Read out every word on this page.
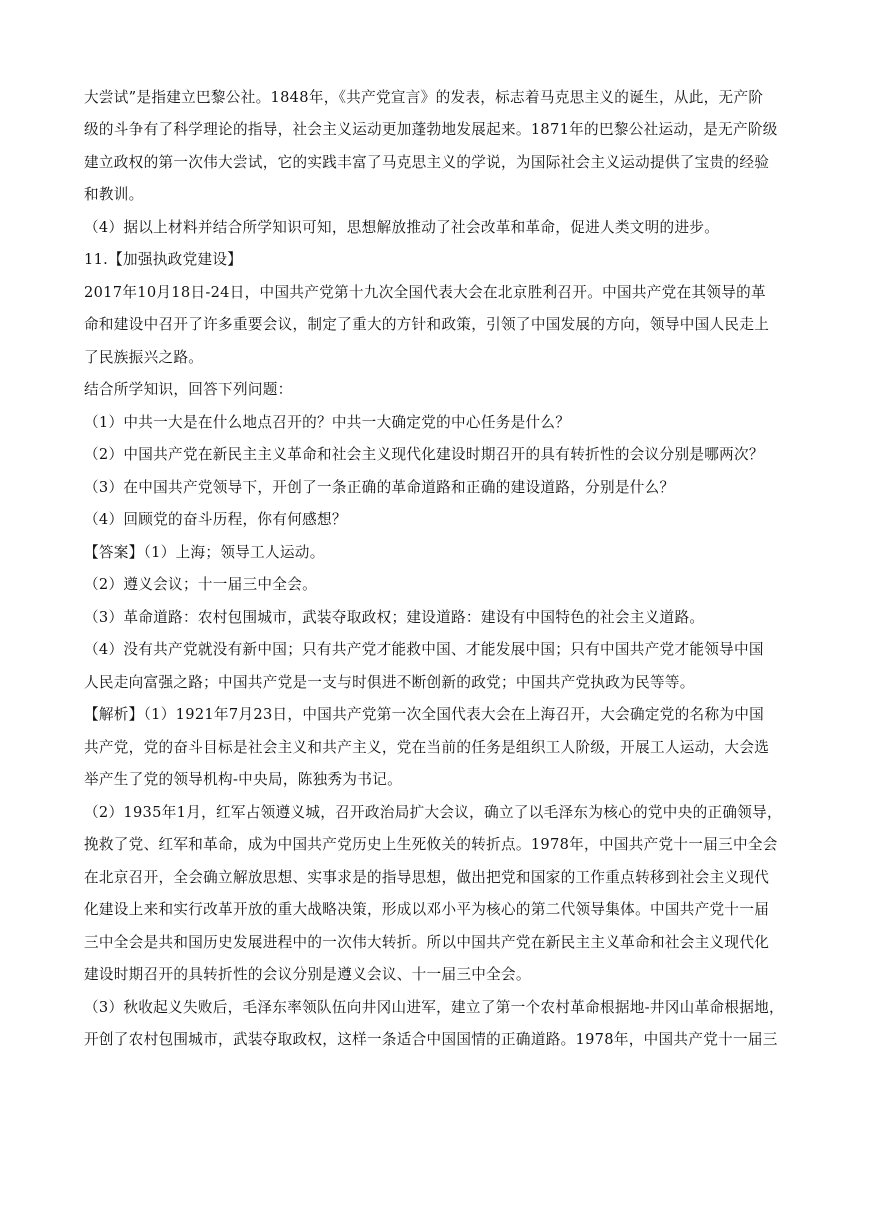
大尝试”是指建立巴黎公社。1848年，《共产党宣言》的发表，标志着马克思主义的诞生，从此，无产阶
级的斗争有了科学理论的指导，社会主义运动更加蓬勃地发展起来。1871年的巴黎公社运动，是无产阶级
建立政权的第一次伟大尝试，它的实践丰富了马克思主义的学说，为国际社会主义运动提供了宝贵的经验
和教训。
（4）据以上材料并结合所学知识可知，思想解放推动了社会改革和革命，促进人类文明的进步。
11.【加强执政党建设】
2017年10月18日-24日，中国共产党第十九次全国代表大会在北京胜利召开。中国共产党在其领导的革
命和建设中召开了许多重要会议，制定了重大的方针和政策，引领了中国发展的方向，领导中国人民走上
了民族振兴之路。
结合所学知识，回答下列问题：
（1）中共一大是在什么地点召开的？中共一大确定党的中心任务是什么？
（2）中国共产党在新民主主义革命和社会主义现代化建设时期召开的具有转折性的会议分别是哪两次？
（3）在中国共产党领导下，开创了一条正确的革命道路和正确的建设道路，分别是什么？
（4）回顾党的奋斗历程，你有何感想？
【答案】（1）上海；领导工人运动。
（2）遵义会议；十一届三中全会。
（3）革命道路：农村包围城市，武装夺取政权；建设道路：建设有中国特色的社会主义道路。
（4）没有共产党就没有新中国；只有共产党才能救中国、才能发展中国；只有中国共产党才能领导中国
人民走向富强之路；中国共产党是一支与时俱进不断创新的政党；中国共产党执政为民等等。
【解析】（1）1921年7月23日，中国共产党第一次全国代表大会在上海召开，大会确定党的名称为中国
共产党，党的奋斗目标是社会主义和共产主义，党在当前的任务是组织工人阶级，开展工人运动，大会选
举产生了党的领导机构-中央局，陈独秀为书记。
（2）1935年1月，红军占领遵义城，召开政治局扩大会议，确立了以毛泽东为核心的党中央的正确领导，
挽救了党、红军和革命，成为中国共产党历史上生死攸关的转折点。1978年，中国共产党十一届三中全会
在北京召开，全会确立解放思想、实事求是的指导思想，做出把党和国家的工作重点转移到社会主义现代
化建设上来和实行改革开放的重大战略决策，形成以邓小平为核心的第二代领导集体。中国共产党十一届
三中全会是共和国历史发展进程中的一次伟大转折。所以中国共产党在新民主主义革命和社会主义现代化
建设时期召开的具转折性的会议分别是遵义会议、十一届三中全会。
（3）秋收起义失败后，毛泽东率领队伍向井冈山进军，建立了第一个农村革命根据地-井冈山革命根据地，
开创了农村包围城市，武装夺取政权，这样一条适合中国国情的正确道路。1978年，中国共产党十一届三
